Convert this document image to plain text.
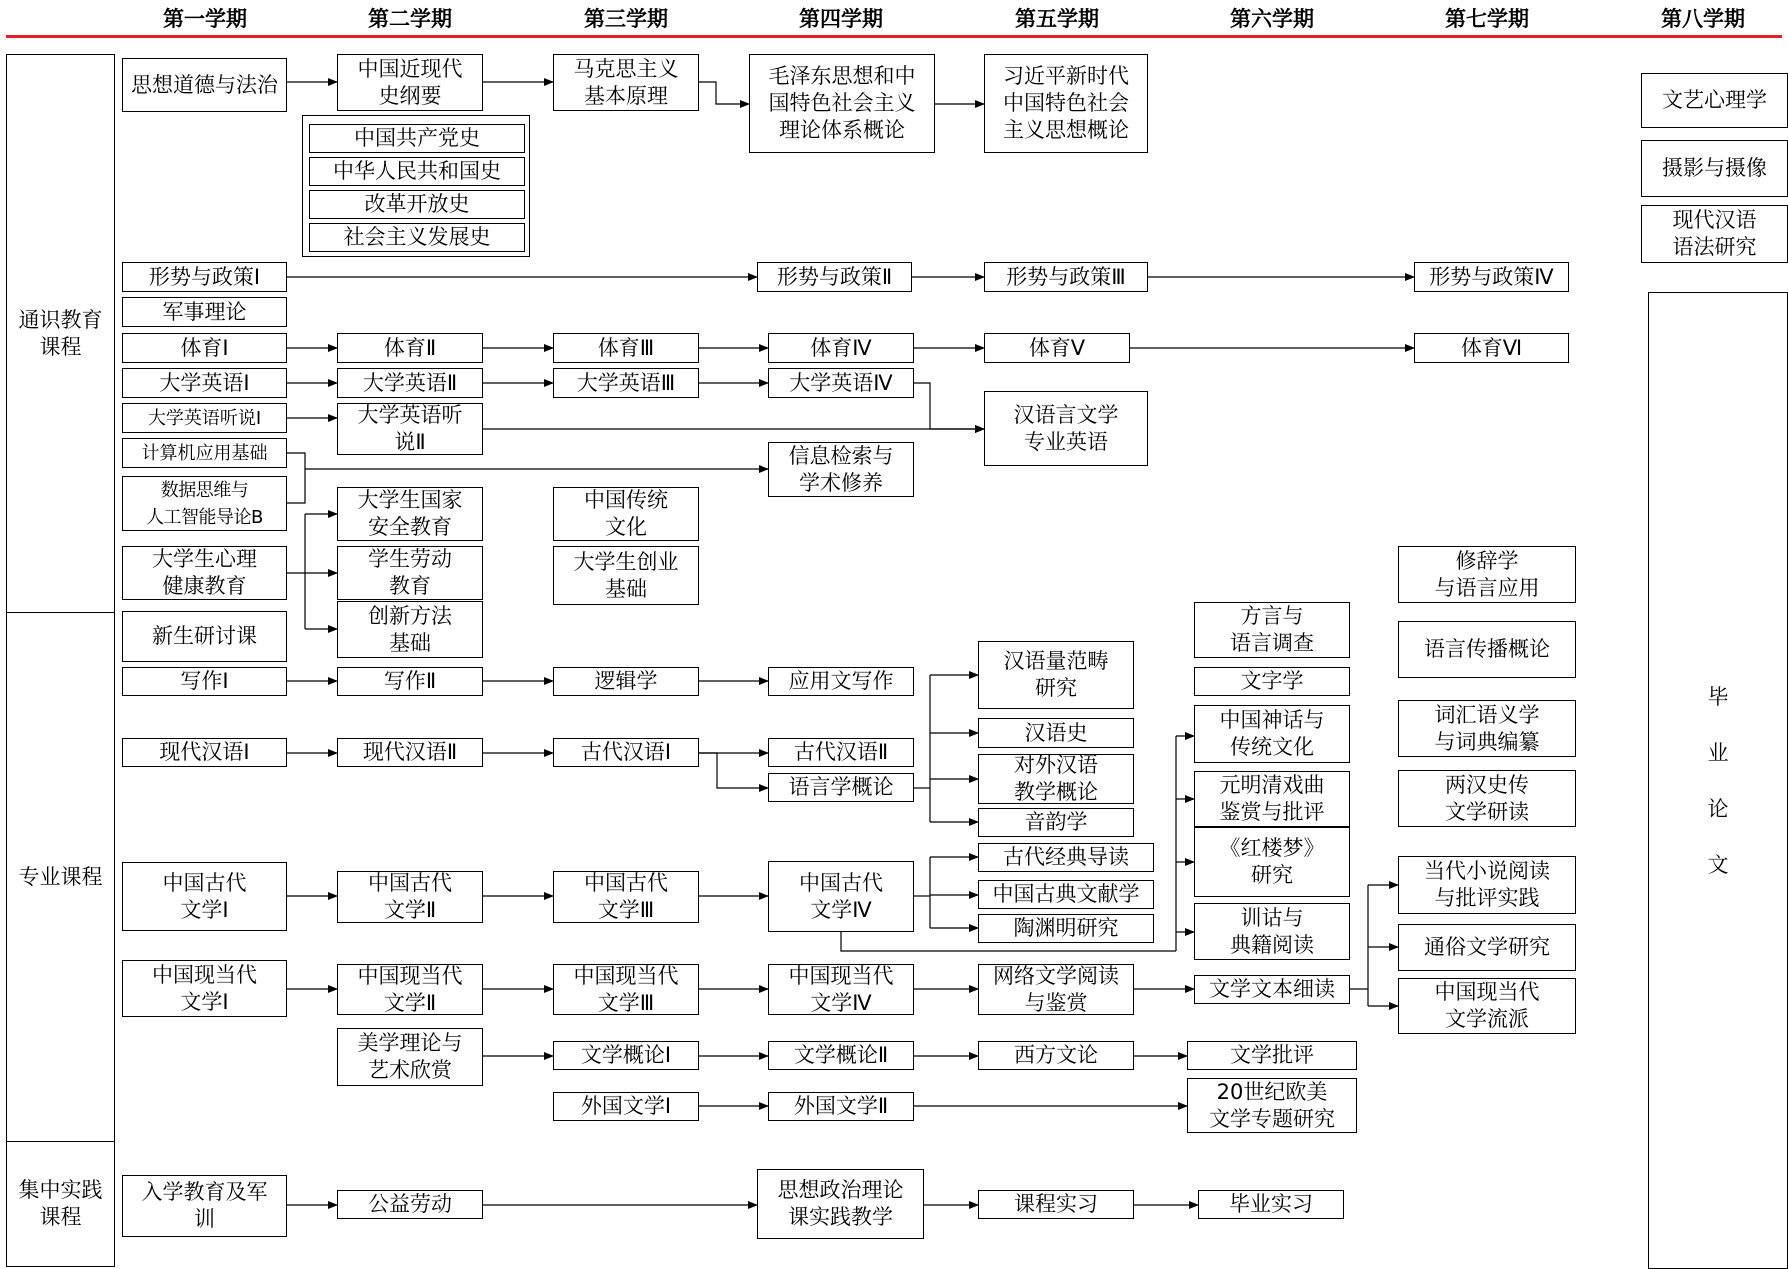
第一学期	第二学期	第三学期	第四学期	第五学期	第六学期	第七学期	第八学期
通识教育
课程
专业课程
集中实践
课程
思想道德与法治
中国近现代
史纲要
马克思主义
基本原理
毛泽东思想和中
国特色社会主义
理论体系概论
习近平新时代
中国特色社会
主义思想概论
中国共产党史
中华人民共和国史
改革开放史
社会主义发展史
文艺心理学
摄影与摄像
现代汉语
语法研究
形势与政策Ⅰ	形势与政策Ⅱ	形势与政策Ⅲ	形势与政策Ⅳ
军事理论
体育Ⅰ	体育Ⅱ	体育Ⅲ	体育Ⅳ	体育Ⅴ	体育Ⅵ
大学英语Ⅰ	大学英语Ⅱ	大学英语Ⅲ	大学英语Ⅳ
大学英语听说Ⅰ	大学英语听
说Ⅱ
汉语言文学
专业英语
计算机应用基础
数据思维与
人工智能导论B
信息检索与
学术修养
大学生国家
安全教育
中国传统
文化
大学生心理
健康教育
学生劳动
教育
大学生创业
基础
创新方法
基础
修辞学
与语言应用
语言传播概论
词汇语义学
与词典编纂
两汉史传
文学研读
新生研讨课
方言与
语言调查
汉语量范畴
研究	文字学
写作Ⅰ	写作Ⅱ	逻辑学	应用文写作
汉语史
中国神话与
传统文化
现代汉语Ⅰ	现代汉语Ⅱ	古代汉语Ⅰ	古代汉语Ⅱ
语言学概论
对外汉语
教学概论	元明清戏曲
鉴赏与批评
音韵学
《红楼梦》
研究
古代经典导读
中国古典文献学
陶渊明研究
中国古代
文学Ⅰ
中国古代
文学Ⅱ
中国古代
文学Ⅲ
中国古代
文学Ⅳ	训诂与
典籍阅读
当代小说阅读
与批评实践
通俗文学研究
中国现当代
文学Ⅰ
中国现当代
文学Ⅱ
中国现当代
文学Ⅲ
中国现当代
文学Ⅳ
网络文学阅读
与鉴赏
文学文本细读	中国现当代
文学流派
美学理论与
艺术欣赏
文学概论Ⅰ	文学概论Ⅱ	西方文论	文学批评
外国文学Ⅰ	外国文学Ⅱ
20世纪欧美
文学专题研究
入学教育及军
训
公益劳动
思想政治理论
课实践教学
课程实习	毕业实习
毕
业
论
文
